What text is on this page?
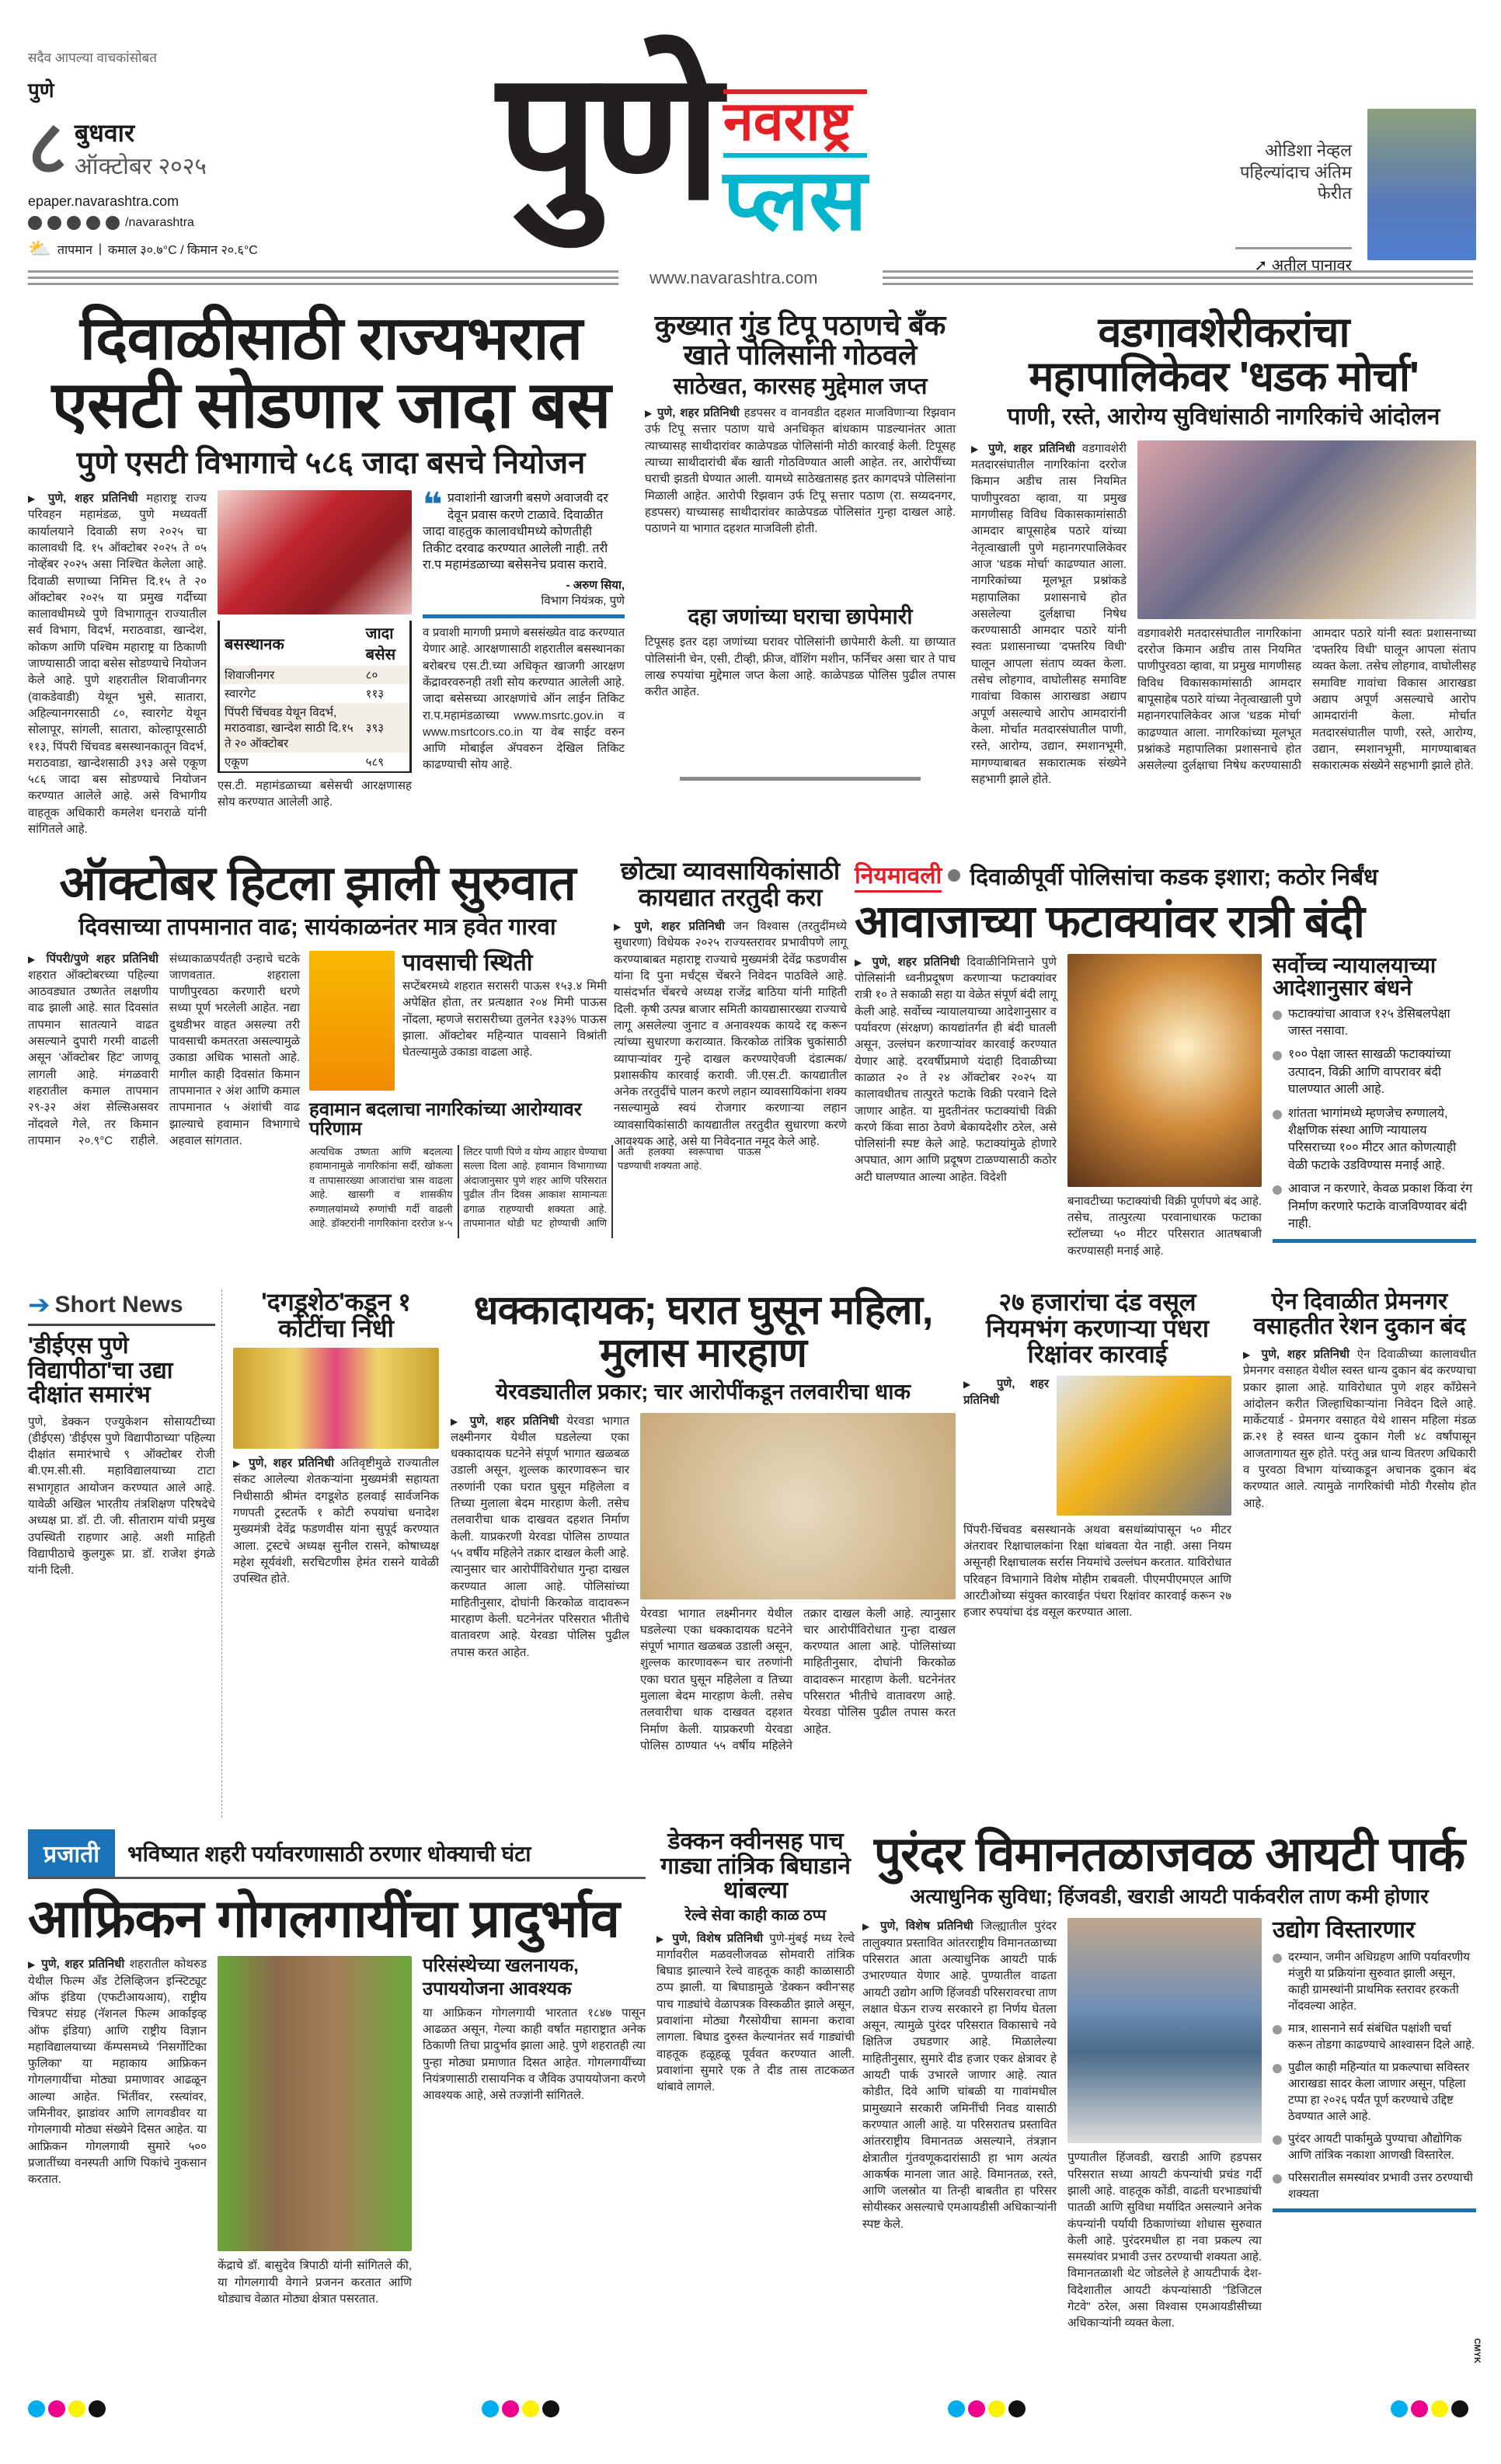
सदैव आपल्या वाचकांसोबत
पुणे
८ बुधवार
ऑक्टोबर २०२५
epaper.navarashtra.com
/navarashtra
⛅ तापमान | कमाल ३०.७°C / किमान २०.६°C
पुणे नवराष्ट्र
प्लस
www.navarashtra.com
ओडिशा नेव्हल पहिल्यांदाच अंतिम फेरीत
➚ अतील पानावर
दिवाळीसाठी राज्यभरात
एसटी सोडणार जादा बस
पुणे एसटी विभागाचे ५८६ जादा बसचे नियोजन
▶ पुणे, शहर प्रतिनिधी महाराष्ट्र राज्य परिवहन महामंडळ, पुणे मध्यवर्ती कार्यालयाने दिवाळी सण २०२५ चा कालावधी दि. १५ ऑक्टोबर २०२५ ते ०५ नोव्हेंबर २०२५ असा निश्चित केलेला आहे. दिवाळी सणाच्या निमित्त दि.१५ ते २० ऑक्टोबर २०२५ या प्रमुख गर्दीच्या कालावधीमध्ये पुणे विभागातून राज्यातील सर्व विभाग, विदर्भ, मराठवाडा, खान्देश, कोकण आणि पश्चिम महाराष्ट्र या ठिकाणी जाण्यासाठी जादा बसेस सोडण्याचे नियोजन केले आहे. पुणे शहरातील शिवाजीनगर (वाकडेवाडी) येथून भुसे, सातारा, अहिल्यानगरसाठी ८०, स्वारगेट येथून सोलापूर, सांगली, सातारा, कोल्हापूरसाठी ११३, पिंपरी चिंचवड बसस्थानकातून विदर्भ, मराठवाडा, खान्देशसाठी ३९३ असे एकूण ५८६ जादा बस सोडण्याचे नियोजन करण्यात आलेले आहे. असे विभागीय वाहतूक अधिकारी कमलेश धनराळे यांनी सांगितले आहे.
बसस्थानक	जादा बसेस
शिवाजीनगर	८०
स्वारगेट	११३
पिंपरी चिंचवड येथून विदर्भ, मराठवाडा, खान्देश साठी दि.१५ ते २० ऑक्टोबर	३९३
एकूण	५८९
एस.टी. महामंडळाच्या बसेसची आरक्षणासह सोय करण्यात आलेली आहे.
❝ प्रवाशांनी खाजगी बसणे अवाजवी दर देवून प्रवास करणे टाळावे. दिवाळीत जादा वाहतुक कालावधीमध्ये कोणतीही तिकीट दरवाढ करण्यात आलेली नाही. तरी रा.प महामंडळाच्या बसेसनेच प्रवास करावे.
- अरुण सिया,
विभाग नियंत्रक, पुणे
व प्रवाशी मागणी प्रमाणे बससंख्येत वाढ करण्यात येणार आहे. आरक्षणासाठी शहरातील बसस्थानका बरोबरच एस.टी.च्या अधिकृत खाजगी आरक्षण केंद्रावरवरुनही तशी सोय करण्यात आलेली आहे. जादा बसेसच्या आरक्षणांचे ऑन लाईन तिकिट रा.प.महामंडळाच्या www.msrtc.gov.in व www.msrtcors.co.in या वेब साईट वरुन आणि मोबाईल ॲपवरुन देखिल तिकिट काढण्याची सोय आहे.
कुख्यात गुंड टिपू पठाणचे बँक खाते पोलिसांनी गोठवले
साठेखत, कारसह मुद्देमाल जप्त
▶ पुणे, शहर प्रतिनिधी हडपसर व वानवडीत दहशत माजविणाऱ्या रिझवान उर्फ टिपू सत्तार पठाण याचे अनधिकृत बांधकाम पाडल्यानंतर आता त्याच्यासह साथीदारांवर काळेपडळ पोलिसांनी मोठी कारवाई केली. टिपूसह त्याच्या साथीदारांची बँक खाती गोठविण्यात आली आहेत. तर, आरोपींच्या घराची झडती घेण्यात आली. यामध्ये साठेखतासह इतर कागदपत्रे पोलिसांना मिळाली आहेत. आरोपी रिझवान उर्फ टिपू सत्तार पठाण (रा. सय्यदनगर, हडपसर) याच्यासह साथीदारांवर काळेपडळ पोलिसांत गुन्हा दाखल आहे. पठाणने या भागात दहशत माजविली होती.
दहा जणांच्या घराचा छापेमारी
टिपूसह इतर दहा जणांच्या घरावर पोलिसांनी छापेमारी केली. या छाप्यात पोलिसांनी चेन, एसी, टीव्ही, फ्रीज, वॉशिंग मशीन, फर्निचर असा चार ते पाच लाख रुपयांचा मुद्देमाल जप्त केला आहे. काळेपडळ पोलिस पुढील तपास करीत आहेत.
वडगावशेरीकरांचा
महापालिकेवर 'धडक मोर्चा'
पाणी, रस्ते, आरोग्य सुविधांसाठी नागरिकांचे आंदोलन
▶ पुणे, शहर प्रतिनिधी वडगावशेरी मतदारसंघातील नागरिकांना दररोज किमान अडीच तास नियमित पाणीपुरवठा व्हावा, या प्रमुख मागणीसह विविध विकासकामांसाठी आमदार बापूसाहेब पठारे यांच्या नेतृत्वाखाली पुणे महानगरपालिकेवर आज 'धडक मोर्चा' काढण्यात आला. नागरिकांच्या मूलभूत प्रश्नांकडे महापालिका प्रशासनाचे होत असलेल्या दुर्लक्षाचा निषेध करण्यासाठी आमदार पठारे यांनी स्वतः प्रशासनाच्या 'दफ्तरिय विधी' घालून आपला संताप व्यक्त केला. तसेच लोहगाव, वाघोलीसह समाविष्ट गावांचा विकास आराखडा अद्याप अपूर्ण असल्याचे आरोप आमदारांनी केला. मोर्चात मतदारसंघातील पाणी, रस्ते, आरोग्य, उद्यान, स्मशानभूमी, मागण्याबाबत सकारात्मक संख्येने सहभागी झाले होते.
वडगावशेरी मतदारसंघातील नागरिकांना दररोज किमान अडीच तास नियमित पाणीपुरवठा व्हावा, या प्रमुख मागणीसह विविध विकासकामांसाठी आमदार बापूसाहेब पठारे यांच्या नेतृत्वाखाली पुणे महानगरपालिकेवर आज 'धडक मोर्चा' काढण्यात आला. नागरिकांच्या मूलभूत प्रश्नांकडे महापालिका प्रशासनाचे होत असलेल्या दुर्लक्षाचा निषेध करण्यासाठी आमदार पठारे यांनी स्वतः प्रशासनाच्या 'दफ्तरिय विधी' घालून आपला संताप व्यक्त केला. तसेच लोहगाव, वाघोलीसह समाविष्ट गावांचा विकास आराखडा अद्याप अपूर्ण असल्याचे आरोप आमदारांनी केला. मोर्चात मतदारसंघातील पाणी, रस्ते, आरोग्य, उद्यान, स्मशानभूमी, मागण्याबाबत सकारात्मक संख्येने सहभागी झाले होते.
ऑक्टोबर हिटला झाली सुरुवात
दिवसाच्या तापमानात वाढ; सायंकाळनंतर मात्र हवेत गारवा
▶ पिंपरी/पुणे शहर प्रतिनिधी शहरात ऑक्टोबरच्या पहिल्या आठवड्यात उष्णतेत लक्षणीय वाढ झाली आहे. सात दिवसांत तापमान सातत्याने वाढत असल्याने दुपारी गरमी वाढली असून 'ऑक्टोबर हिट' जाणवू लागली आहे. मंगळवारी शहरातील कमाल तापमान २९-३२ अंश सेल्सिअसवर नोंदवले गेले, तर किमान तापमान २०.९°C राहीले. संध्याकाळपर्यंतही उन्हाचे चटके जाणवतात. शहराला पाणीपुरवठा करणारी धरणे सध्या पूर्ण भरलेली आहेत. नद्या दुथडीभर वाहत असल्या तरी पावसाची कमतरता असल्यामुळे उकाडा अधिक भासतो आहे. मागील काही दिवसांत किमान तापमानात २ अंश आणि कमाल तापमानात ५ अंशांची वाढ झाल्याचे हवामान विभागाचे अहवाल सांगतात.
पावसाची स्थिती
सप्टेंबरमध्ये शहरात सरासरी पाऊस १५३.४ मिमी अपेक्षित होता, तर प्रत्यक्षात २०४ मिमी पाऊस नोंदला, म्हणजे सरासरीच्या तुलनेत १३३% पाऊस झाला. ऑक्टोबर महिन्यात पावसाने विश्रांती घेतल्यामुळे उकाडा वाढला आहे.
हवामान बदलाचा नागरिकांच्या आरोग्यावर परिणाम
अत्यधिक उष्णता आणि बदलत्या हवामानामुळे नागरिकांना सर्दी, खोकला व तापासारख्या आजारांचा त्रास वाढला आहे. खासगी व शासकीय रुग्णालयांमध्ये रुग्णांची गर्दी वाढली आहे. डॉक्टरांनी नागरिकांना दररोज ४-५ लिटर पाणी पिणे व योग्य आहार घेण्याचा सल्ला दिला आहे. हवामान विभागाच्या अंदाजानुसार पुणे शहर आणि परिसरात पुढील तीन दिवस आकाश सामान्यतः ढगाळ राहण्याची शक्यता आहे. तापमानात थोडी घट होण्याची आणि अती हलक्या स्वरूपाचा पाऊस पडण्याची शक्यता आहे.
छोट्या व्यावसायिकांसाठी कायद्यात तरतुदी करा
▶ पुणे, शहर प्रतिनिधी जन विश्वास (तरतुदींमध्ये सुधारणा) विधेयक २०२५ राज्यस्तरावर प्रभावीपणे लागू करण्याबाबत महाराष्ट्र राज्याचे मुख्यमंत्री देवेंद्र फडणवीस यांना दि पुना मर्चंट्स चेंबरने निवेदन पाठविले आहे. यासंदर्भात चेंबरचे अध्यक्ष राजेंद्र बाठिया यांनी माहिती दिली. कृषी उत्पन्न बाजार समिती कायद्यासारख्या राज्याचे लागू असलेल्या जुनाट व अनावश्यक कायदे रद्द करून त्यांच्या सुधारणा कराव्यात. किरकोळ तांत्रिक चुकांसाठी व्यापाऱ्यांवर गुन्हे दाखल करण्याऐवजी दंडात्मक/प्रशासकीय कारवाई करावी. जी.एस.टी. कायद्यातील अनेक तरतुदींचे पालन करणे लहान व्यावसायिकांना शक्य नसल्यामुळे स्वयं रोजगार करणाऱ्या लहान व्यावसायिकांसाठी कायद्यातील तरतुदीत सुधारणा करणे आवश्यक आहे, असे या निवेदनात नमूद केले आहे.
नियमावली दिवाळीपूर्वी पोलिसांचा कडक इशारा; कठोर निर्बंध
आवाजाच्या फटाक्यांवर रात्री बंदी
▶ पुणे, शहर प्रतिनिधी दिवाळीनिमित्ताने पुणे पोलिसांनी ध्वनीप्रदूषण करणाऱ्या फटाक्यांवर रात्री १० ते सकाळी सहा या वेळेत संपूर्ण बंदी लागू केली आहे. सर्वोच्च न्यायालयाच्या आदेशानुसार व पर्यावरण (संरक्षण) कायद्यांतर्गत ही बंदी घातली असून, उल्लंघन करणाऱ्यांवर कारवाई करण्यात येणार आहे. दरवर्षीप्रमाणे यंदाही दिवाळीच्या काळात २० ते २४ ऑक्टोबर २०२५ या कालावधीतच तात्पुरते फटाके विक्री परवाने दिले जाणार आहेत. या मुदतीनंतर फटाक्यांची विक्री करणे किंवा साठा ठेवणे बेकायदेशीर ठरेल, असे पोलिसांनी स्पष्ट केले आहे. फटाक्यांमुळे होणारे अपघात, आग आणि प्रदूषण टाळण्यासाठी कठोर अटी घालण्यात आल्या आहेत. विदेशी
बनावटीच्या फटाक्यांची विक्री पूर्णपणे बंद आहे. तसेच, तात्पुरत्या परवानाधारक फटाका स्टॉलच्या ५० मीटर परिसरात आतषबाजी करण्यासही मनाई आहे.
सर्वोच्च न्यायालयाच्या आदेशानुसार बंधने
फटाक्यांचा आवाज १२५ डेसिबलपेक्षा जास्त नसावा.
१०० पेक्षा जास्त साखळी फटाक्यांच्या उत्पादन, विक्री आणि वापरावर बंदी घालण्यात आली आहे.
शांतता भागांमध्ये म्हणजेच रुग्णालये, शैक्षणिक संस्था आणि न्यायालय परिसराच्या १०० मीटर आत कोणत्याही वेळी फटाके उडविण्यास मनाई आहे.
आवाज न करणारे, केवळ प्रकाश किंवा रंग निर्माण करणारे फटाके वाजविण्यावर बंदी नाही.
➔ Short News
'डीईएस पुणे विद्यापीठा'चा उद्या दीक्षांत समारंभ
पुणे, डेक्कन एज्युकेशन सोसायटीच्या (डीईएस) 'डीईएस पुणे विद्यापीठाच्या' पहिल्या दीक्षांत समारंभाचे ९ ऑक्टोबर रोजी बी.एम.सी.सी. महाविद्यालयाच्या टाटा सभागृहात आयोजन करण्यात आले आहे. यावेळी अखिल भारतीय तंत्रशिक्षण परिषदेचे अध्यक्ष प्रा. डॉ. टी. जी. सीताराम यांची प्रमुख उपस्थिती राहणार आहे. अशी माहिती विद्यापीठाचे कुलगुरू प्रा. डॉ. राजेश इंगळे यांनी दिली.
'दगडूशेठ'कडून १ कोटींचा निधी
▶ पुणे, शहर प्रतिनिधी अतिवृष्टीमुळे राज्यातील संकट आलेल्या शेतकऱ्यांना मुख्यमंत्री सहायता निधीसाठी श्रीमंत दगडूशेठ हलवाई सार्वजनिक गणपती ट्रस्टतर्फे १ कोटी रुपयांचा धनादेश मुख्यमंत्री देवेंद्र फडणवीस यांना सुपूर्द करण्यात आला. ट्रस्टचे अध्यक्ष सुनील रासने, कोषाध्यक्ष महेश सूर्यवंशी, सरचिटणीस हेमंत रासने यावेळी उपस्थित होते.
धक्कादायक; घरात घुसून महिला, मुलास मारहाण
येरवड्यातील प्रकार; चार आरोपींकडून तलवारीचा धाक
▶ पुणे, शहर प्रतिनिधी येरवडा भागात लक्ष्मीनगर येथील घडलेल्या एका धक्कादायक घटनेने संपूर्ण भागात खळबळ उडाली असून, शुल्लक कारणावरून चार तरुणांनी एका घरात घुसून महिलेला व तिच्या मुलाला बेदम मारहाण केली. तसेच तलवारीचा धाक दाखवत दहशत निर्माण केली. याप्रकरणी येरवडा पोलिस ठाण्यात ५५ वर्षीय महिलेने तक्रार दाखल केली आहे. त्यानुसार चार आरोपींविरोधात गुन्हा दाखल करण्यात आला आहे. पोलिसांच्या माहितीनुसार, दोघांनी किरकोळ वादावरून मारहाण केली. घटनेनंतर परिसरात भीतीचे वातावरण आहे. येरवडा पोलिस पुढील तपास करत आहेत.
येरवडा भागात लक्ष्मीनगर येथील घडलेल्या एका धक्कादायक घटनेने संपूर्ण भागात खळबळ उडाली असून, शुल्लक कारणावरून चार तरुणांनी एका घरात घुसून महिलेला व तिच्या मुलाला बेदम मारहाण केली. तसेच तलवारीचा धाक दाखवत दहशत निर्माण केली. याप्रकरणी येरवडा पोलिस ठाण्यात ५५ वर्षीय महिलेने तक्रार दाखल केली आहे. त्यानुसार चार आरोपींविरोधात गुन्हा दाखल करण्यात आला आहे. पोलिसांच्या माहितीनुसार, दोघांनी किरकोळ वादावरून मारहाण केली. घटनेनंतर परिसरात भीतीचे वातावरण आहे. येरवडा पोलिस पुढील तपास करत आहेत.
२७ हजारांचा दंड वसूल नियमभंग करणाऱ्या पंधरा रिक्षांवर कारवाई
▶ पुणे, शहर प्रतिनिधी
पिंपरी-चिंचवड बसस्थानके अथवा बसथांब्यांपासून ५० मीटर अंतरावर रिक्षाचालकांना रिक्षा थांबवता येत नाही. असा नियम असूनही रिक्षाचालक सर्रास नियमांचे उल्लंघन करतात. याविरोधात परिवहन विभागाने विशेष मोहीम राबवली. पीएमपीएमएल आणि आरटीओच्या संयुक्त कारवाईत पंधरा रिक्षांवर कारवाई करून २७ हजार रुपयांचा दंड वसूल करण्यात आला.
ऐन दिवाळीत प्रेमनगर वसाहतीत रेशन दुकान बंद
▶ पुणे, शहर प्रतिनिधी ऐन दिवाळीच्या कालावधीत प्रेमनगर वसाहत येथील स्वस्त धान्य दुकान बंद करण्याचा प्रकार झाला आहे. याविरोधात पुणे शहर काँग्रेसने आंदोलन करीत जिल्हाधिकाऱ्यांना निवेदन दिले आहे. मार्केटयार्ड - प्रेमनगर वसाहत येथे शासन महिला मंडळ क्र.२१ हे स्वस्त धान्य दुकान गेली ४८ वर्षांपासून आजतागायत सुरु होते. परंतु अन्न धान्य वितरण अधिकारी व पुरवठा विभाग यांच्याकडून अचानक दुकान बंद करण्यात आले. त्यामुळे नागरिकांची मोठी गैरसोय होत आहे.
प्रजाती	भविष्यात शहरी पर्यावरणासाठी ठरणार धोक्याची घंटा
आफ्रिकन गोगलगायींचा प्रादुर्भाव
▶ पुणे, शहर प्रतिनिधी शहरातील कोथरुड येथील फिल्म अँड टेलिव्हिजन इन्स्टिट्यूट ऑफ इंडिया (एफटीआयआय), राष्ट्रीय चित्रपट संग्रह (नॅशनल फिल्म आर्काइव्ह ऑफ इंडिया) आणि राष्ट्रीय विज्ञान महाविद्यालयाच्या कॅम्पसमध्ये 'निसर्गोटिका फुलिका' या महाकाय आफ्रिकन गोगलगायींचा मोठ्या प्रमाणावर आढळून आल्या आहेत. भिंतींवर, रस्त्यांवर, जमिनीवर, झाडांवर आणि लागवडीवर या गोगलगायी मोठ्या संख्येने दिसत आहेत. या आफ्रिकन गोगलगायी सुमारे ५०० प्रजातींच्या वनस्पती आणि पिकांचे नुकसान करतात.
केंद्राचे डॉ. बासुदेव त्रिपाठी यांनी सांगितले की, या गोगलगायी वेगाने प्रजनन करतात आणि थोड्याच वेळात मोठ्या क्षेत्रात पसरतात.
परिसंस्थेच्या खलनायक,
उपाययोजना आवश्यक
या आफ्रिकन गोगलगायी भारतात १८४७ पासून आढळत असून, गेल्या काही वर्षांत महाराष्ट्रात अनेक ठिकाणी तिचा प्रादुर्भाव झाला आहे. पुणे शहरातही त्या पुन्हा मोठ्या प्रमाणात दिसत आहेत. गोगलगायींच्या नियंत्रणासाठी रासायनिक व जैविक उपाययोजना करणे आवश्यक आहे, असे तज्ज्ञांनी सांगितले.
डेक्कन क्वीनसह पाच गाड्या तांत्रिक बिघाडाने थांबल्या
रेल्वे सेवा काही काळ ठप्प
▶ पुणे, विशेष प्रतिनिधी पुणे-मुंबई मध्य रेल्वे मार्गावरील मळवलीजवळ सोमवारी तांत्रिक बिघाड झाल्याने रेल्वे वाहतूक काही काळासाठी ठप्प झाली. या बिघाडामुळे 'डेक्कन क्वीन'सह पाच गाड्यांचे वेळापत्रक विस्कळीत झाले असून, प्रवाशांना मोठ्या गैरसोयीचा सामना करावा लागला. बिघाड दुरुस्त केल्यानंतर सर्व गाड्यांची वाहतूक हळूहळू पूर्ववत करण्यात आली. प्रवाशांना सुमारे एक ते दीड तास ताटकळत थांबावे लागले.
पुरंदर विमानतळाजवळ आयटी पार्क
अत्याधुनिक सुविधा; हिंजवडी, खराडी आयटी पार्कवरील ताण कमी होणार
▶ पुणे, विशेष प्रतिनिधी जिल्ह्यातील पुरंदर तालुक्यात प्रस्तावित आंतरराष्ट्रीय विमानतळाच्या परिसरात आता अत्याधुनिक आयटी पार्क उभारण्यात येणार आहे. पुण्यातील वाढता आयटी उद्योग आणि हिंजवडी परिसरावरचा ताण लक्षात घेऊन राज्य सरकारने हा निर्णय घेतला असून, त्यामुळे पुरंदर परिसरात विकासाचे नवे क्षितिज उघडणार आहे. मिळालेल्या माहितीनुसार, सुमारे दीड हजार एकर क्षेत्रावर हे आयटी पार्क उभारले जाणार आहे. त्यात कोडीत, दिवे आणि चांबळी या गावांमधील प्रामुख्याने सरकारी जमिनींची निवड यासाठी करण्यात आली आहे. या परिसरातच प्रस्तावित आंतरराष्ट्रीय विमानतळ असल्याने, तंत्रज्ञान क्षेत्रातील गुंतवणूकदारांसाठी हा भाग अत्यंत आकर्षक मानला जात आहे. विमानतळ, रस्ते, आणि जलस्रोत या तिन्ही बाबतीत हा परिसर सोयीस्कर असल्याचे एमआयडीसी अधिकाऱ्यांनी स्पष्ट केले.
पुण्यातील हिंजवडी, खराडी आणि हडपसर परिसरात सध्या आयटी कंपन्यांची प्रचंड गर्दी झाली आहे. वाहतूक कोंडी, वाढती घरभाड्यांची पातळी आणि सुविधा मर्यादित असल्याने अनेक कंपन्यांनी पर्यायी ठिकाणांच्या शोधास सुरुवात केली आहे. पुरंदरमधील हा नवा प्रकल्प त्या समस्यांवर प्रभावी उत्तर ठरण्याची शक्यता आहे. विमानतळाशी थेट जोडलेले हे आयटीपार्क देश-विदेशातील आयटी कंपन्यांसाठी "डिजिटल गेटवे" ठरेल, असा विश्वास एमआयडीसीच्या अधिकाऱ्यांनी व्यक्त केला.
उद्योग विस्तारणार
दरम्यान, जमीन अधिग्रहण आणि पर्यावरणीय मंजुरी या प्रक्रियांना सुरुवात झाली असून, काही ग्रामस्थांनी प्राथमिक स्तरावर हरकती नोंदवल्या आहेत.
मात्र, शासनाने सर्व संबंधित पक्षांशी चर्चा करून तोडगा काढण्याचे आश्वासन दिले आहे.
पुढील काही महिन्यांत या प्रकल्पाचा सविस्तर आराखडा सादर केला जाणार असून, पहिला टप्पा हा २०२६ पर्यंत पूर्ण करण्याचे उद्दिष्ट ठेवण्यात आले आहे.
पुरंदर आयटी पार्कामुळे पुण्याचा औद्योगिक आणि तांत्रिक नकाशा आणखी विस्तारेल.
परिसरातील समस्यांवर प्रभावी उत्तर ठरण्याची शक्यता
CMYK
